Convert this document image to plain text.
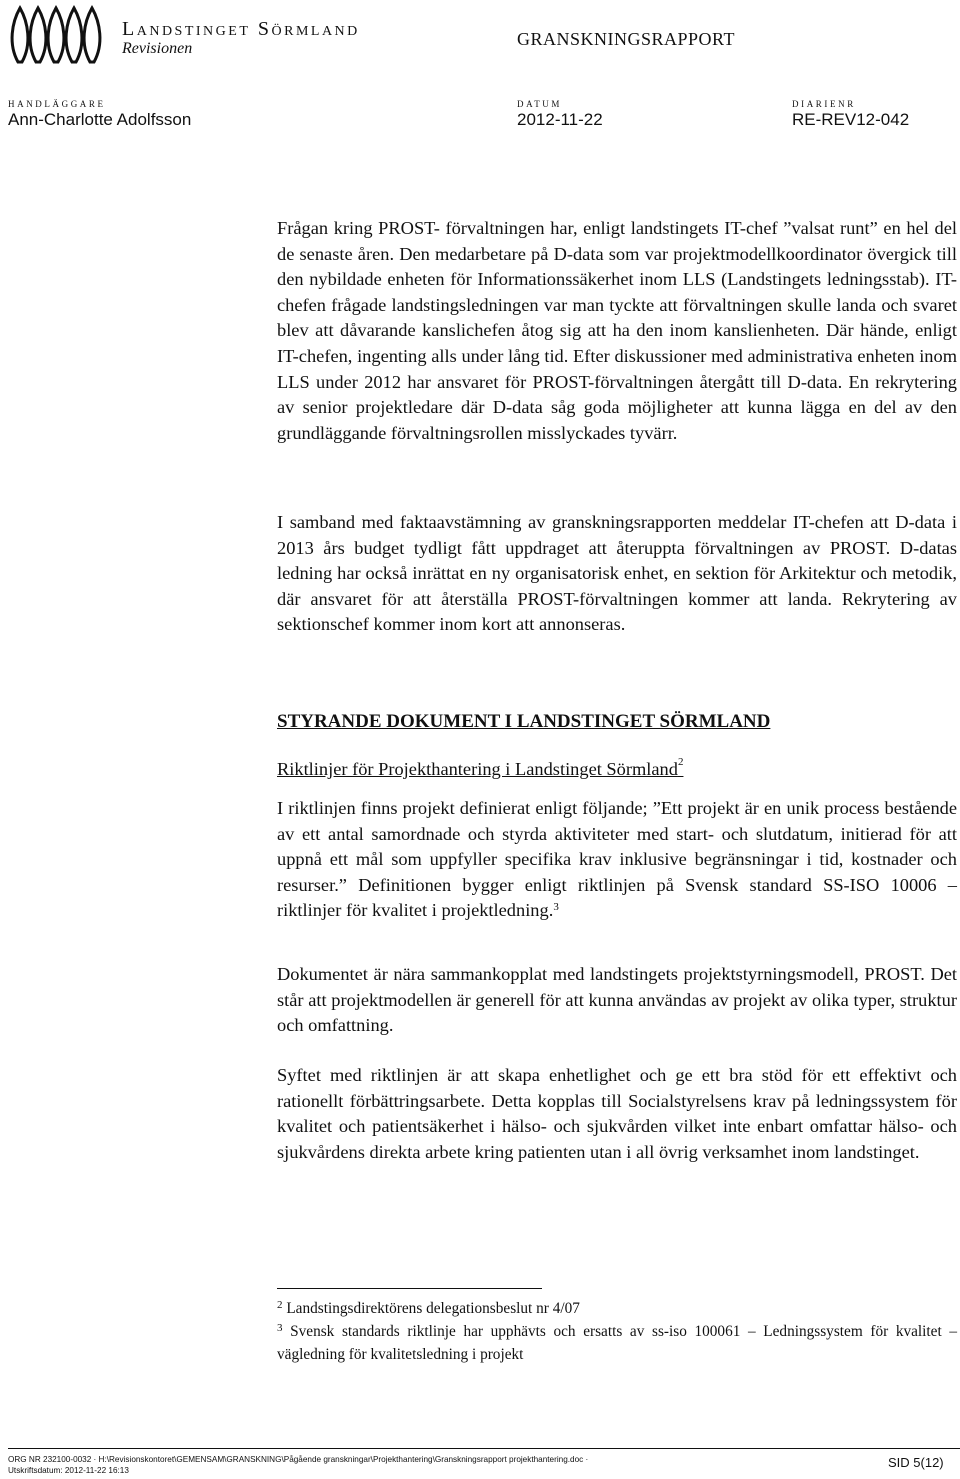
Landstinget Sörmland
Revisionen	GRANSKNINGSRAPPORT
HANDLÄGGARE
Ann-Charlotte Adolfsson
DATUM
2012-11-22
DIARIENR
RE-REV12-042

Frågan kring PROST- förvaltningen har, enligt landstingets IT-chef ”valsat runt” en hel del de senaste åren. Den medarbetare på D-data som var projektmodellkoordinator övergick till den nybildade enheten för Informationssäkerhet inom LLS (Landstingets ledningsstab). IT-chefen frågade landstingsledningen var man tyckte att förvaltningen skulle landa och svaret blev att dåvarande kanslichefen åtog sig att ha den inom kanslienheten. Där hände, enligt IT-chefen, ingenting alls under lång tid. Efter diskussioner med administrativa enheten inom LLS under 2012 har ansvaret för PROST-förvaltningen återgått till D-data. En rekrytering av senior projektledare där D-data såg goda möjligheter att kunna lägga en del av den grundläggande förvaltningsrollen misslyckades tyvärr.

I samband med faktaavstämning av granskningsrapporten meddelar IT-chefen att D-data i 2013 års budget tydligt fått uppdraget att återuppta förvaltningen av PROST. D-datas ledning har också inrättat en ny organisatorisk enhet, en sektion för Arkitektur och metodik, där ansvaret för att återställa PROST-förvaltningen kommer att landa. Rekrytering av sektionschef kommer inom kort att annonseras.

STYRANDE DOKUMENT I LANDSTINGET SÖRMLAND
Riktlinjer för Projekthantering i Landstinget Sörmland$^2$

I riktlinjen finns projekt definierat enligt följande; ”Ett projekt är en unik process bestående av ett antal samordnade och styrda aktiviteter med start- och slutdatum, initierad för att uppnå ett mål som uppfyller specifika krav inklusive begränsningar i tid, kostnader och resurser.” Definitionen bygger enligt riktlinjen på Svensk standard SS-ISO 10006 – riktlinjer för kvalitet i projektledning.$^3$

Dokumentet är nära sammankopplat med landstingets projektstyrningsmodell, PROST. Det står att projektmodellen är generell för att kunna användas av projekt av olika typer, struktur och omfattning.

Syftet med riktlinjen är att skapa enhetlighet och ge ett bra stöd för ett effektivt och rationellt förbättringsarbete. Detta kopplas till Socialstyrelsens krav på ledningssystem för kvalitet och patientsäkerhet i hälso- och sjukvården vilket inte enbart omfattar hälso- och sjukvårdens direkta arbete kring patienten utan i all övrig verksamhet inom landstinget.

$^2$ Landstingsdirektörens delegationsbeslut nr 4/07

$^3$ Svensk standards riktlinje har upphävts och ersatts av ss-iso 100061 – Ledningssystem för kvalitet – vägledning för kvalitetsledning i projekt

ORG NR 232100-0032 · H:\Revisionskontoret\GEMENSAM\GRANSKNING\Pågående granskningar\Projekthantering\Granskningsrapport projekthantering.doc ·
Utskriftsdatum: 2012-11-22 16:13
SID 5(12)
